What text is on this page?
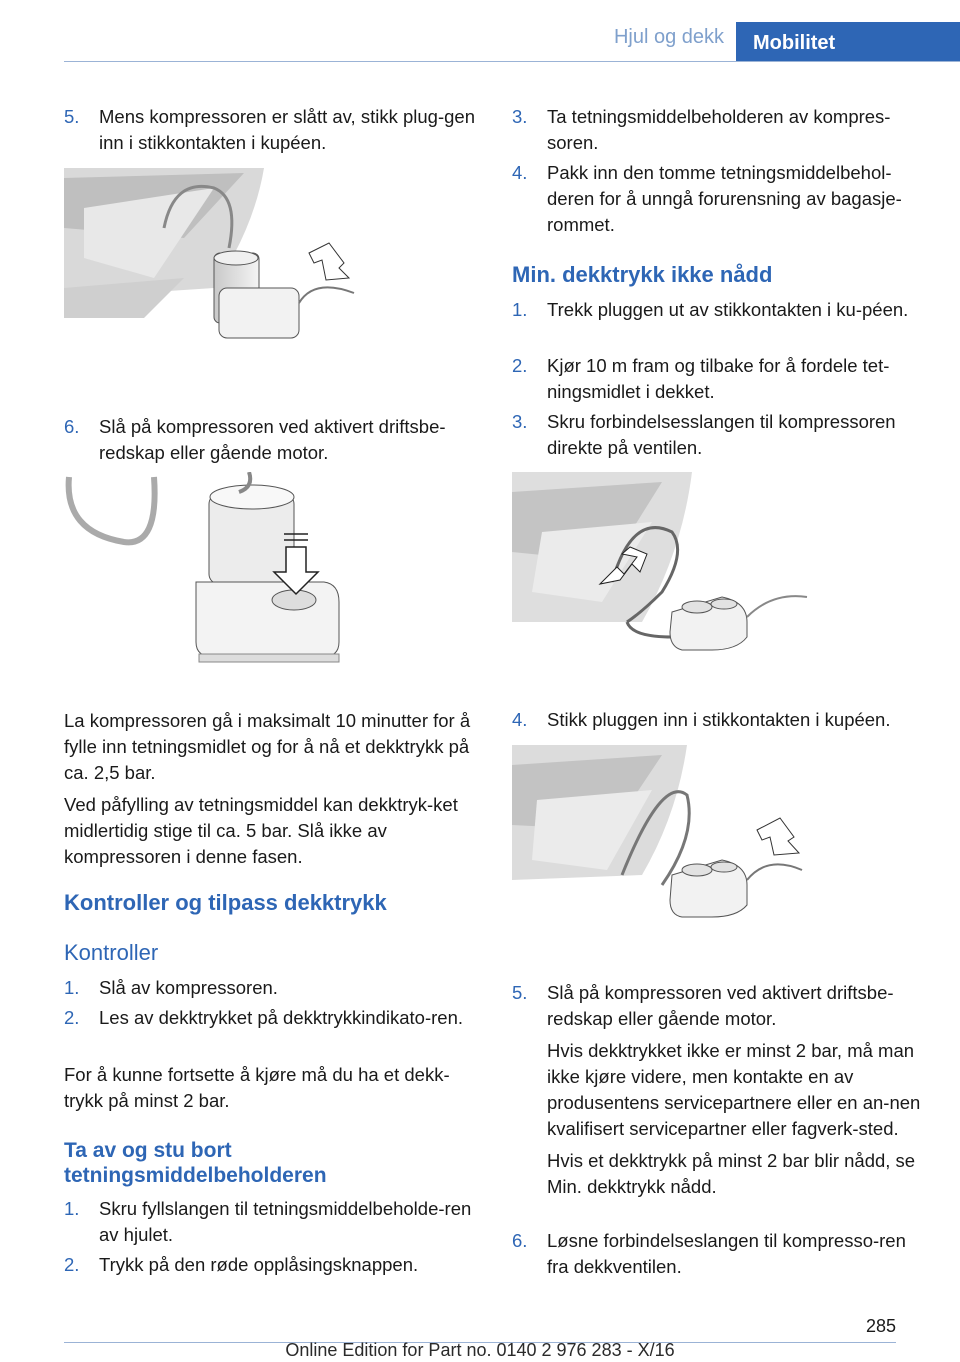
Hjul og dekk	Mobilitet
5. Mens kompressoren er slått av, stikk plug‐gen inn i stikkontakten i kupéen.
6. Slå på kompressoren ved aktivert driftsbe‐redskap eller gående motor.
La kompressoren gå i maksimalt 10 minutter for å fylle inn tetningsmidlet og for å nå et dekktrykk på ca. 2,5 bar.
Ved påfylling av tetningsmiddel kan dekktryk‐ket midlertidig stige til ca. 5 bar. Slå ikke av kompressoren i denne fasen.
Kontroller og tilpass dekktrykk
Kontroller
1. Slå av kompressoren.
2. Les av dekktrykket på dekktrykkindikato‐ren.
For å kunne fortsette å kjøre må du ha et dekk‐trykk på minst 2 bar.
Ta av og stu bort tetningsmiddelbeholderen
1. Skru fyllslangen til tetningsmiddelbeholde‐ren av hjulet.
2. Trykk på den røde opplåsingsknappen.
3. Ta tetningsmiddelbeholderen av kompres‐soren.
4. Pakk inn den tomme tetningsmiddelbehol‐deren for å unngå forurensning av bagasje‐rommet.
Min. dekktrykk ikke nådd
1. Trekk pluggen ut av stikkontakten i ku‐péen.
2. Kjør 10 m fram og tilbake for å fordele tet‐ningsmidlet i dekket.
3. Skru forbindelsesslangen til kompressoren direkte på ventilen.
4. Stikk pluggen inn i stikkontakten i kupéen.
5. Slå på kompressoren ved aktivert driftsbe‐redskap eller gående motor.
Hvis dekktrykket ikke er minst 2 bar, må man ikke kjøre videre, men kontakte en av produsentens servicepartnere eller en an‐nen kvalifisert servicepartner eller fagverk‐sted.
Hvis et dekktrykk på minst 2 bar blir nådd, se Min. dekktrykk nådd.
6. Løsne forbindelseslangen til kompresso‐ren fra dekkventilen.
285
Online Edition for Part no. 0140 2 976 283 - X/16
